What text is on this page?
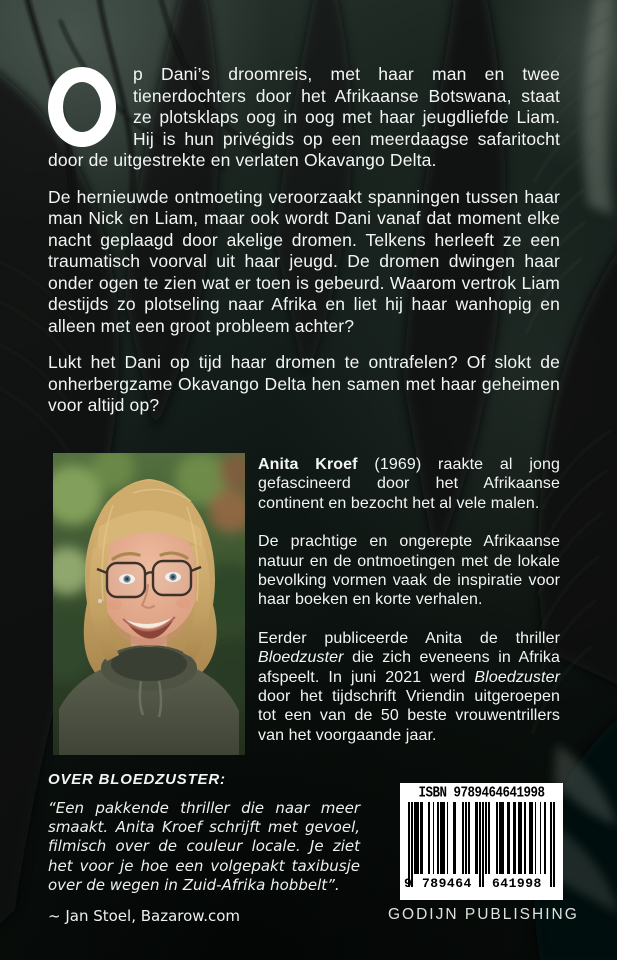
p Dani’s droomreis, met haar man en twee tienerdochters door het Afrikaanse Botswana, staat ze plotsklaps oog in oog met haar jeugdliefde Liam. Hij is hun privégids op een meerdaagse safaritocht door de uitgestrekte en verlaten Okavango Delta.

De hernieuwde ontmoeting veroorzaakt spanningen tussen haar man Nick en Liam, maar ook wordt Dani vanaf dat moment elke nacht geplaagd door akelige dromen. Telkens herleeft ze een traumatisch voorval uit haar jeugd. De dromen dwingen haar onder ogen te zien wat er toen is gebeurd. Waarom vertrok Liam destijds zo plotseling naar Afrika en liet hij haar wanhopig en alleen met een groot probleem achter?

Lukt het Dani op tijd haar dromen te ontrafelen? Of slokt de onherbergzame Okavango Delta hen samen met haar geheimen voor altijd op?

Anita Kroef (1969) raakte al jong gefascineerd door het Afrikaanse continent en bezocht het al vele malen.

De prachtige en ongerepte Afrikaanse natuur en de ontmoetingen met de lokale bevolking vormen vaak de inspiratie voor haar boeken en korte verhalen.

Eerder publiceerde Anita de thriller Bloedzuster die zich eveneens in Afrika afspeelt. In juni 2021 werd Bloedzuster door het tijdschrift Vriendin uitgeroepen tot een van de 50 beste vrouwentrillers van het voorgaande jaar.

OVER BLOEDZUSTER:

“Een pakkende thriller die naar meer smaakt. Anita Kroef schrijft met gevoel, filmisch over de couleur locale. Je ziet het voor je hoe een volgepakt taxibusje over de wegen in Zuid-Afrika hobbelt”.

~ Jan Stoel, Bazarow.com

ISBN 9789464641998
9 789464 641998
GODIJN PUBLISHING
